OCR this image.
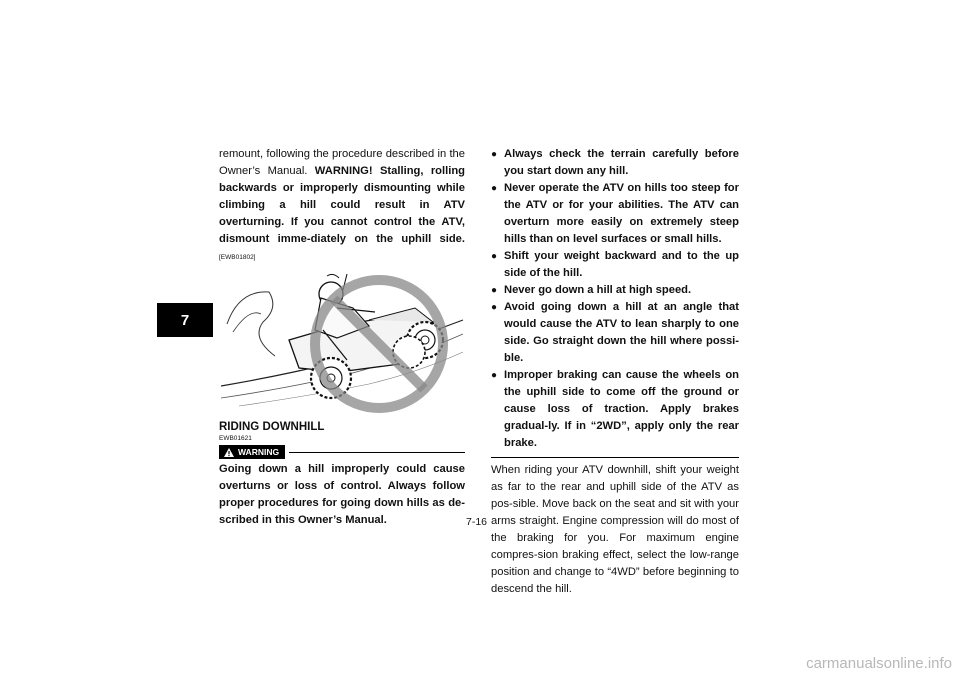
7
remount, following the procedure described in the Owner’s Manual. WARNING! Stalling, rolling backwards or improperly dismounting while climbing a hill could result in ATV overturning. If you cannot control the ATV, dismount imme-diately on the uphill side. [EWB01802]
RIDING DOWNHILL
EWB01621
WARNING
Going down a hill improperly could cause overturns or loss of control. Always follow proper procedures for going down hills as de-scribed in this Owner’s Manual.
● Always check the terrain carefully before you start down any hill.
● Never operate the ATV on hills too steep for the ATV or for your abilities. The ATV can overturn more easily on extremely steep hills than on level surfaces or small hills.
● Shift your weight backward and to the up side of the hill.
● Never go down a hill at high speed.
● Avoid going down a hill at an angle that would cause the ATV to lean sharply to one side. Go straight down the hill where possi-ble.
● Improper braking can cause the wheels on the uphill side to come off the ground or cause loss of traction. Apply brakes gradual-ly. If in “2WD”, apply only the rear brake.
When riding your ATV downhill, shift your weight as far to the rear and uphill side of the ATV as pos-sible. Move back on the seat and sit with your arms straight. Engine compression will do most of the braking for you. For maximum engine compres-sion braking effect, select the low-range position and change to “4WD” before beginning to descend the hill.
7-16
carmanualsonline.info
